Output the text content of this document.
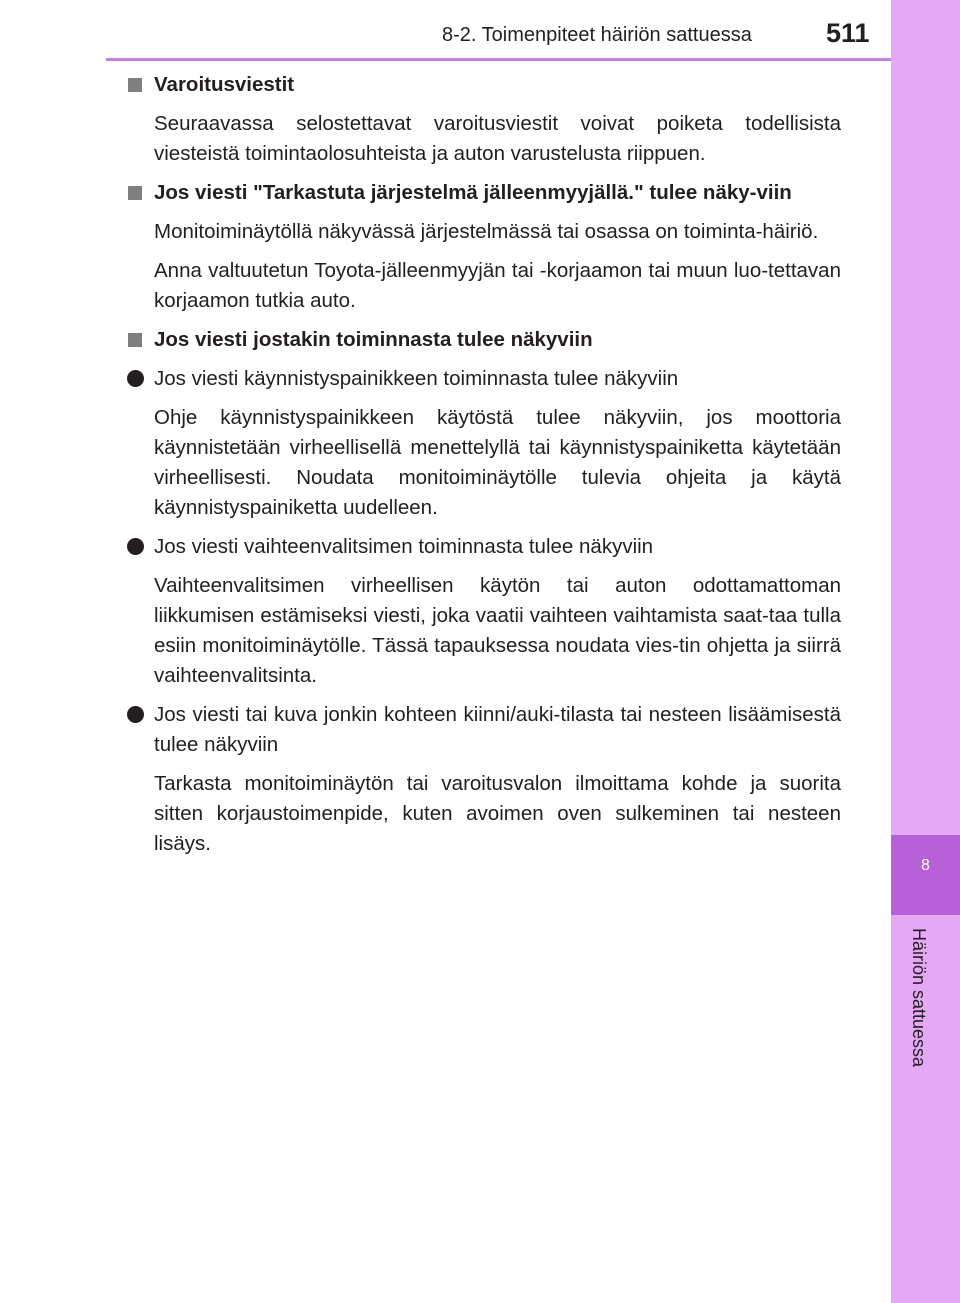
8-2. Toimenpiteet häiriön sattuessa	511
8
Häiriön sattuessa
Varoitusviestit
Seuraavassa selostettavat varoitusviestit voivat poiketa todellisista viesteistä toimintaolosuhteista ja auton varustelusta riippuen.
Jos viesti "Tarkastuta järjestelmä jälleenmyyjällä." tulee näky-viin
Monitoiminäytöllä näkyvässä järjestelmässä tai osassa on toiminta-häiriö.
Anna valtuutetun Toyota-jälleenmyyjän tai -korjaamon tai muun luo-tettavan korjaamon tutkia auto.
Jos viesti jostakin toiminnasta tulee näkyviin
Jos viesti käynnistyspainikkeen toiminnasta tulee näkyviin
Ohje käynnistyspainikkeen käytöstä tulee näkyviin, jos moottoria käynnistetään virheellisellä menettelyllä tai käynnistyspainiketta käytetään virheellisesti. Noudata monitoiminäytölle tulevia ohjeita ja käytä käynnistyspainiketta uudelleen.
Jos viesti vaihteenvalitsimen toiminnasta tulee näkyviin
Vaihteenvalitsimen virheellisen käytön tai auton odottamattoman liikkumisen estämiseksi viesti, joka vaatii vaihteen vaihtamista saat-taa tulla esiin monitoiminäytölle. Tässä tapauksessa noudata vies-tin ohjetta ja siirrä vaihteenvalitsinta.
Jos viesti tai kuva jonkin kohteen kiinni/auki-tilasta tai nesteen lisäämisestä tulee näkyviin
Tarkasta monitoiminäytön tai varoitusvalon ilmoittama kohde ja suorita sitten korjaustoimenpide, kuten avoimen oven sulkeminen tai nesteen lisäys.
